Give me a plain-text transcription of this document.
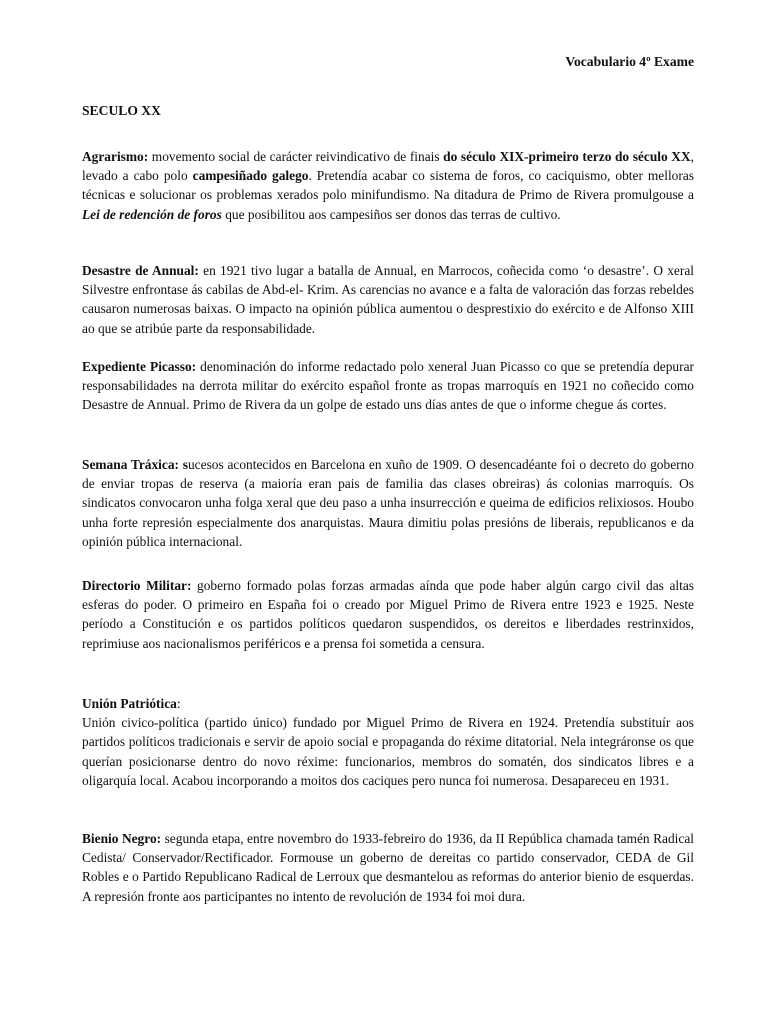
Vocabulario 4º Exame
SECULO XX
Agrarismo: movemento social de carácter reivindicativo de finais do século XIX-primeiro terzo do século XX, levado a cabo polo campesiñado galego. Pretendía acabar co sistema de foros, co caciquismo, obter melloras técnicas e solucionar os problemas xerados polo minifundismo. Na ditadura de Primo de Rivera promulgouse a Lei de redención de foros que posibilitou aos campesiños ser donos das terras de cultivo.
Desastre de Annual: en 1921 tivo lugar a batalla de Annual, en Marrocos, coñecida como ‘o desastre’. O xeral Silvestre enfrontase ás cabilas de Abd-el- Krim. As carencias no avance e a falta de valoración das forzas rebeldes causaron numerosas baixas. O impacto na opinión pública aumentou o desprestixio do exército e de Alfonso XIII ao que se atribúe parte da responsabilidade.
Expediente Picasso: denominación do informe redactado polo xeneral Juan Picasso co que se pretendía depurar responsabilidades na derrota militar do exército español fronte as tropas marroquís en 1921 no coñecido como Desastre de Annual. Primo de Rivera da un golpe de estado uns días antes de que o informe chegue ás cortes.
Semana Tráxica: sucesos acontecidos en Barcelona en xuño de 1909. O desencadéante foi o decreto do goberno de enviar tropas de reserva (a maioría eran pais de familia das clases obreiras) ás colonias marroquís. Os sindicatos convocaron unha folga xeral que deu paso a unha insurrección e queima de edificios relixiosos. Houbo unha forte represión especialmente dos anarquistas. Maura dimitiu polas presións de liberais, republicanos e da opinión pública internacional.
Directorio Militar: goberno formado polas forzas armadas aínda que pode haber algún cargo civil das altas esferas do poder. O primeiro en España foi o creado por Miguel Primo de Rivera entre 1923 e 1925. Neste período a Constitución e os partidos políticos quedaron suspendidos, os dereitos e liberdades restrinxidos, reprimiuse aos nacionalismos periféricos e a prensa foi sometida a censura.
Unión Patriótica:
Unión civico-política (partido único) fundado por Miguel Primo de Rivera en 1924. Pretendía substituír aos partidos políticos tradicionais e servir de apoio social e propaganda do réxime ditatorial. Nela integráronse os que querían posicionarse dentro do novo réxime: funcionarios, membros do somatén, dos sindicatos libres e a oligarquía local. Acabou incorporando a moitos dos caciques pero nunca foi numerosa. Desapareceu en 1931.
Bienio Negro: segunda etapa, entre novembro do 1933-febreiro do 1936, da II República chamada tamén Radical Cedista/ Conservador/Rectificador. Formouse un goberno de dereitas co partido conservador, CEDA de Gil Robles e o Partido Republicano Radical de Lerroux que desmantelou as reformas do anterior bienio de esquerdas. A represión fronte aos participantes no intento de revolución de 1934 foi moi dura.
